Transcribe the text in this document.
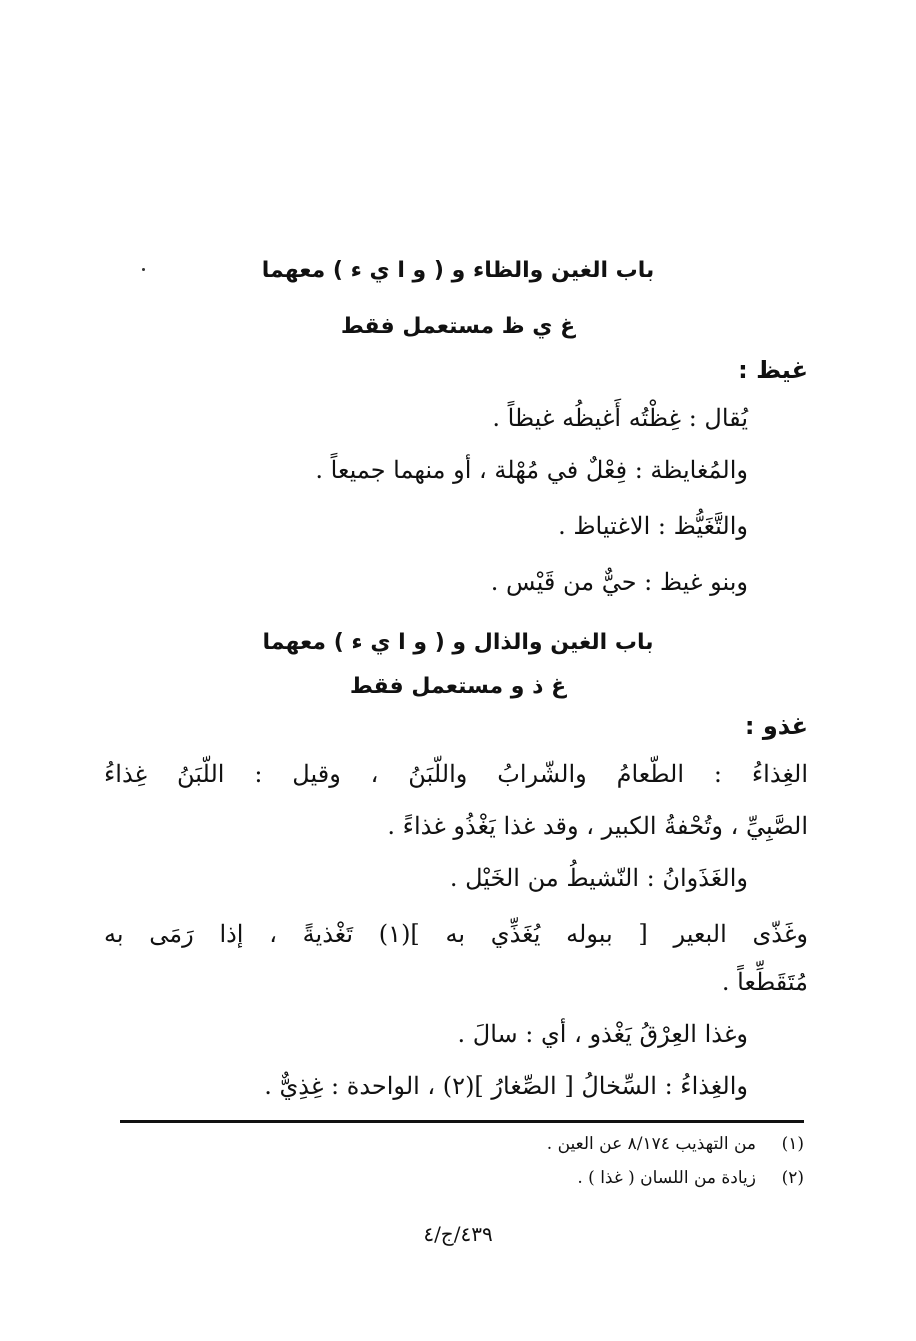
باب الغين والظاء و ( و ا ي ء ) معهما
غ ي ظ مستعمل فقط
غيظ :
يُقال : غِظْتُه أَغيظُه غيظاً .
والمُغايظة : فِعْلٌ في مُهْلة ، أو منهما جميعاً .
والتَّغَيُّظ : الاغتياظ .
وبنو غيظ : حيٌّ من قَيْس .
باب الغين والذال و ( و ا ي ء ) معهما
غ ذ و مستعمل فقط
غذو :
الغِذاءُ : الطّعامُ والشّرابُ واللّبَنُ ، وقيل : اللّبَنُ غِذاءُ
الصَّبِيِّ ، وتُحْفةُ الكبير ، وقد غذا يَغْذُو غذاءً .
والغَذَوانُ : النّشيطُ من الخَيْل .
وغَذّى البعير [ ببوله يُغَذِّي به ](١) تَغْذيةً ، إذا رَمَى به
مُتَقَطِّعاً .
وغذا العِرْقُ يَغْذو ، أي : سالَ .
والغِذاءُ : السِّخالُ [ الصِّغارُ ](٢) ، الواحدة : غِذِيٌّ .
(١)من التهذيب ٨/١٧٤ عن العين .
(٢)زيادة من اللسان ( غذا ) .
٤٣٩/ج/٤
